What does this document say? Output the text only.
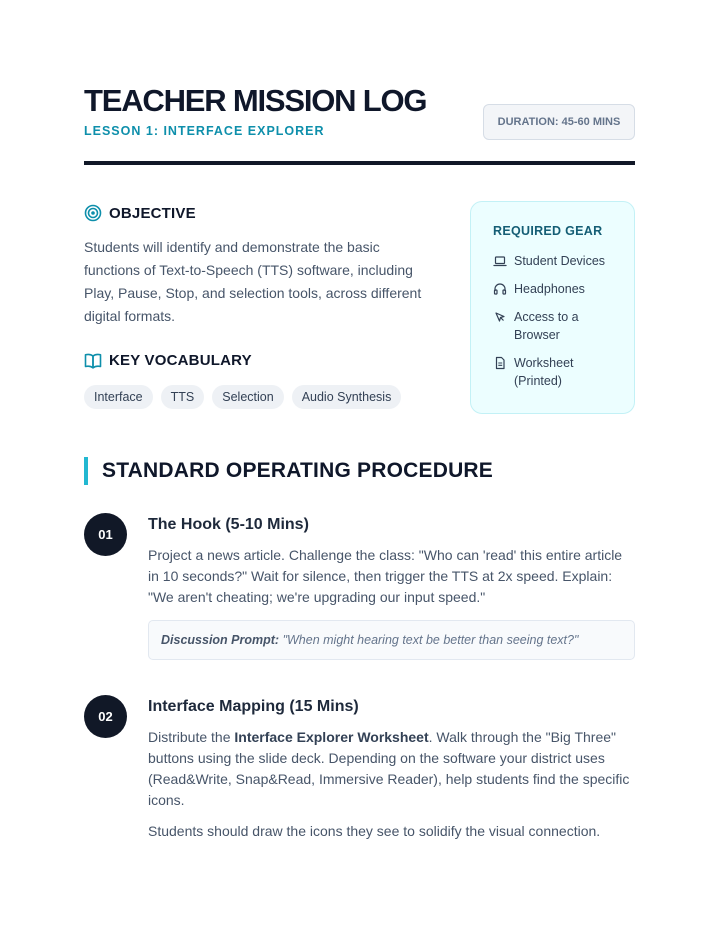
TEACHER MISSION LOG
LESSON 1: INTERFACE EXPLORER
DURATION: 45-60 MINS
OBJECTIVE
Students will identify and demonstrate the basic functions of Text-to-Speech (TTS) software, including Play, Pause, Stop, and selection tools, across different digital formats.
KEY VOCABULARY
Interface	TTS	Selection	Audio Synthesis
REQUIRED GEAR
Student Devices
Headphones
Access to a Browser
Worksheet (Printed)
STANDARD OPERATING PROCEDURE
01
The Hook (5-10 Mins)

Project a news article. Challenge the class: "Who can 'read' this entire article in 10 seconds?" Wait for silence, then trigger the TTS at 2x speed. Explain: "We aren't cheating; we're upgrading our input speed."

Discussion Prompt: "When might hearing text be better than seeing text?"
02
Interface Mapping (15 Mins)

Distribute the Interface Explorer Worksheet. Walk through the "Big Three" buttons using the slide deck. Depending on the software your district uses (Read&Write, Snap&Read, Immersive Reader), help students find the specific icons.

Students should draw the icons they see to solidify the visual connection.
